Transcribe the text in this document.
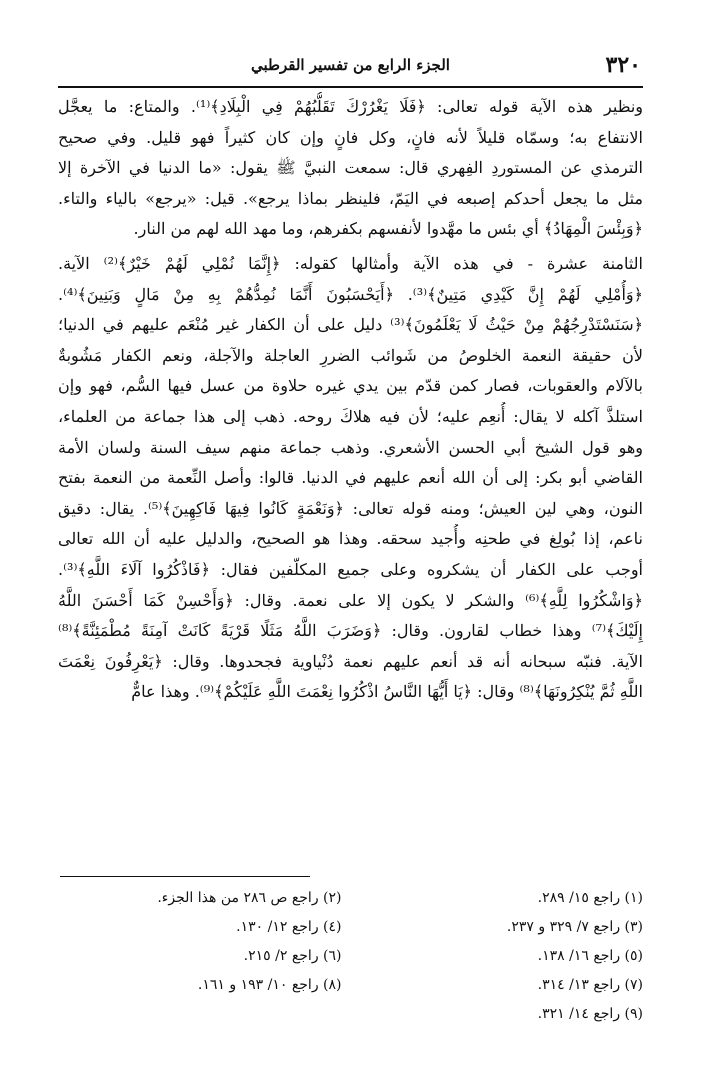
٣٢٠
الجزء الرابع من تفسير القرطبي
ونظير هذه الآية قوله تعالى: ﴿فَلَا يَغْرُرْكَ تَقَلُّبُهُمْ فِي الْبِلَادِ﴾⁽¹⁾. والمتاع: ما يعجَّل
الانتفاع به؛ وسمّاه قليلاً لأنه فانٍ، وكل فانٍ وإن كان كثيراً فهو قليل. وفي صحيح
الترمذي عن المستوردِ الفِهري قال: سمعت النبيَّ ﷺ يقول: «ما الدنيا في الآخرة إلا
مثل ما يجعل أحدكم إصبعه في اليَمّ، فلينظر بماذا يرجع». قيل: «يرجع» بالياء والتاء.
﴿وَبِئْسَ الْمِهَادُ﴾ أي بئس ما مهَّدوا لأنفسهم بكفرهم، وما مهد الله لهم من النار.
الثامنة عشرة - في هذه الآية وأمثالها كقوله: ﴿إِنَّمَا نُمْلِي لَهُمْ خَيْرٌ﴾⁽²⁾ الآية.
﴿وَأُمْلِي لَهُمْ إِنَّ كَيْدِي مَتِينٌ﴾⁽³⁾. ﴿أَيَحْسَبُونَ أَنَّمَا نُمِدُّهُمْ بِهِ مِنْ مَالٍ وَبَنِينَ﴾⁽⁴⁾.
﴿سَنَسْتَدْرِجُهُمْ مِنْ حَيْثُ لَا يَعْلَمُونَ﴾⁽³⁾ دليل على أن الكفار غير مُنْعَم عليهم في الدنيا؛
لأن حقيقة النعمة الخلوصُ من شَوائب الضررِ العاجلة والآجلة، ونعم الكفار مَشُوبةٌ
بالآلام والعقوبات، فصار كمن قدّم بين يدي غيره حلاوة من عسل فيها السُّم، فهو وإن
استلذَّ آكله لا يقال: أُنعِم عليه؛ لأن فيه هلاكَ روحه. ذهب إلى هذا جماعة من العلماء،
وهو قول الشيخ أبي الحسن الأشعري. وذهب جماعة منهم سيف السنة ولسان الأمة
القاضي أبو بكر: إلى أن الله أنعم عليهم في الدنيا. قالوا: وأصل النِّعمة من النعمة بفتح
النون، وهي لين العيش؛ ومنه قوله تعالى: ﴿وَنَعْمَةٍ كَانُوا فِيهَا فَاكِهِينَ﴾⁽⁵⁾. يقال: دقيق
ناعم، إذا بُولِغ في طحنِه وأُجيد سحقه. وهذا هو الصحيح، والدليل عليه أن الله تعالى
أوجب على الكفار أن يشكروه وعلى جميع المكلّفين فقال: ﴿فَاذْكُرُوا آلَاءَ اللَّهِ﴾⁽³⁾.
﴿وَاشْكُرُوا لِلَّهِ﴾⁽⁶⁾ والشكر لا يكون إلا على نعمة. وقال: ﴿وَأَحْسِنْ كَمَا أَحْسَنَ اللَّهُ
إِلَيْكَ﴾⁽⁷⁾ وهذا خطاب لقارون. وقال: ﴿وَضَرَبَ اللَّهُ مَثَلًا قَرْيَةً كَانَتْ آمِنَةً مُطْمَئِنَّةً﴾⁽⁸⁾
الآية. فنبّه سبحانه أنه قد أنعم عليهم نعمة دُنْياوية فجحدوها. وقال: ﴿يَعْرِفُونَ نِعْمَتَ
اللَّهِ ثُمَّ يُنْكِرُونَهَا﴾⁽⁸⁾ وقال: ﴿يَا أَيُّهَا النَّاسُ اذْكُرُوا نِعْمَتَ اللَّهِ عَلَيْكُمْ﴾⁽⁹⁾. وهذا عامٌّ
(١) راجع ١٥/ ٢٨٩.
(٢) راجع ص ٢٨٦ من هذا الجزء.
(٣) راجع ٧/ ٣٢٩ و ٢٣٧.
(٤) راجع ١٢/ ١٣٠.
(٥) راجع ١٦/ ١٣٨.
(٦) راجع ٢/ ٢١٥.
(٧) راجع ١٣/ ٣١٤.
(٨) راجع ١٠/ ١٩٣ و ١٦١.
(٩) راجع ١٤/ ٣٢١.
